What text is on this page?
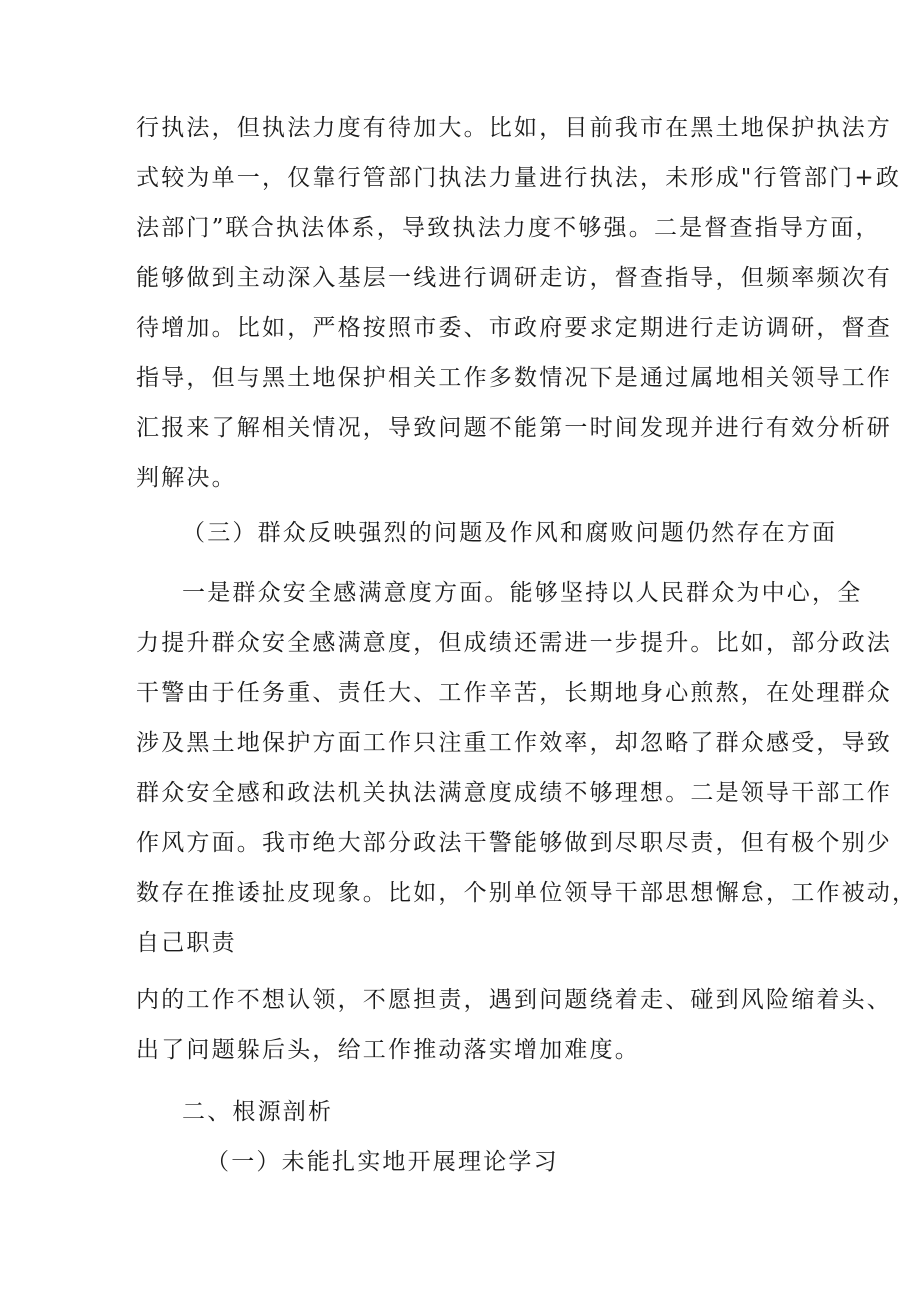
行执法，但执法力度有待加大。比如，目前我市在黑土地保护执法方
式较为单一，仅靠行管部门执法力量进行执法，未形成"行管部门+政
法部门”联合执法体系，导致执法力度不够强。二是督查指导方面，
能够做到主动深入基层一线进行调研走访，督查指导，但频率频次有
待增加。比如，严格按照市委、市政府要求定期进行走访调研，督查
指导，但与黑土地保护相关工作多数情况下是通过属地相关领导工作
汇报来了解相关情况，导致问题不能第一时间发现并进行有效分析研
判解决。
（三）群众反映强烈的问题及作风和腐败问题仍然存在方面
一是群众安全感满意度方面。能够坚持以人民群众为中心，全
力提升群众安全感满意度，但成绩还需进一步提升。比如，部分政法
干警由于任务重、责任大、工作辛苦，长期地身心煎熬，在处理群众
涉及黑土地保护方面工作只注重工作效率，却忽略了群众感受，导致
群众安全感和政法机关执法满意度成绩不够理想。二是领导干部工作
作风方面。我市绝大部分政法干警能够做到尽职尽责，但有极个别少
数存在推诿扯皮现象。比如，个别单位领导干部思想懈怠，工作被动，
自己职责
内的工作不想认领，不愿担责，遇到问题绕着走、碰到风险缩着头、
出了问题躲后头，给工作推动落实增加难度。
二、根源剖析
（一）未能扎实地开展理论学习
